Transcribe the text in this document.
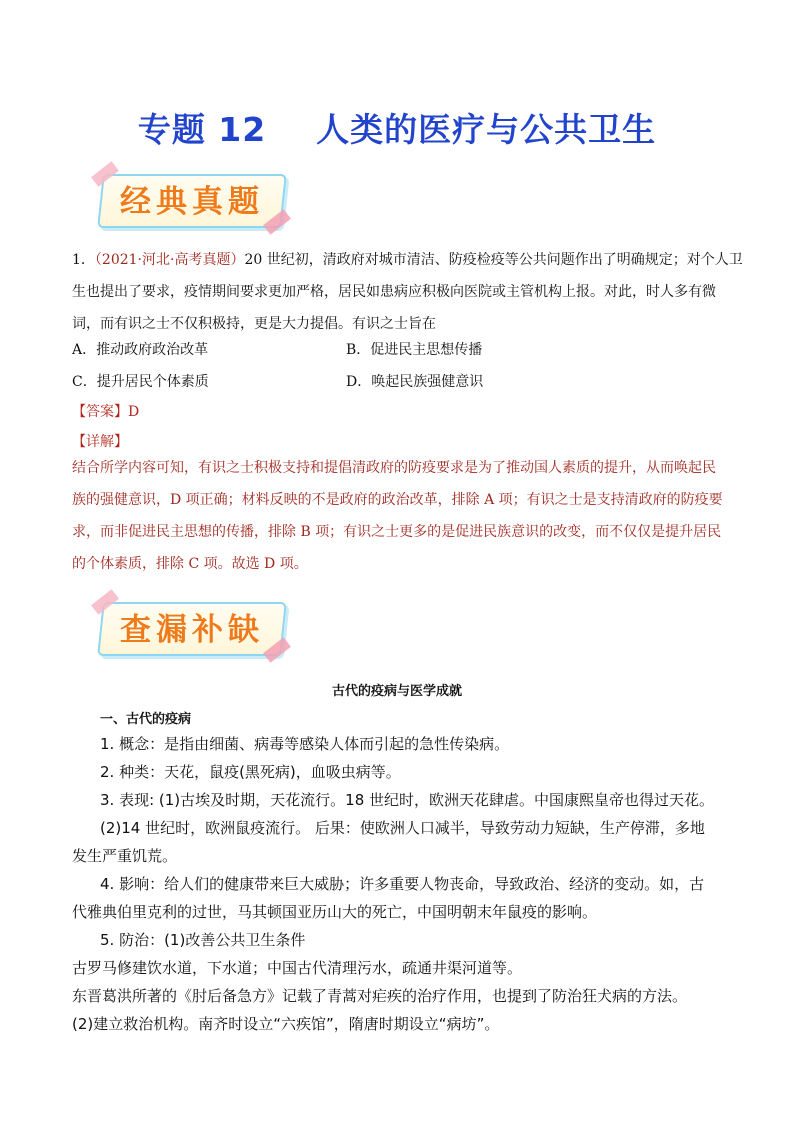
专题 12    人类的医疗与公共卫生
经典真题
1．（2021·河北·高考真题）20 世纪初，清政府对城市清洁、防疫检疫等公共问题作出了明确规定；对个人卫
生也提出了要求，疫情期间要求更加严格，居民如患病应积极向医院或主管机构上报。对此，时人多有微
词，而有识之士不仅积极持，更是大力提倡。有识之士旨在
A．推动政府政治改革	B．促进民主思想传播
C．提升居民个体素质	D．唤起民族强健意识
【答案】D
【详解】
结合所学内容可知，有识之士积极支持和提倡清政府的防疫要求是为了推动国人素质的提升，从而唤起民
族的强健意识，D 项正确；材料反映的不是政府的政治改革，排除 A 项；有识之士是支持清政府的防疫要
求，而非促进民主思想的传播，排除 B 项；有识之士更多的是促进民族意识的改变，而不仅仅是提升居民
的个体素质，排除 C 项。故选 D 项。
查漏补缺
古代的疫病与医学成就
一、古代的疫病
1. 概念：是指由细菌、病毒等感染人体而引起的急性传染病。
2. 种类：天花，鼠疫(黑死病)，血吸虫病等。
3. 表现: (1)古埃及时期，天花流行。18 世纪时，欧洲天花肆虐。中国康熙皇帝也得过天花。
(2)14 世纪时，欧洲鼠疫流行。 后果：使欧洲人口减半，导致劳动力短缺，生产停滞，多地
发生严重饥荒。
4. 影响：给人们的健康带来巨大威胁；许多重要人物丧命，导致政治、经济的变动。如，古
代雅典伯里克利的过世，马其顿国亚历山大的死亡，中国明朝末年鼠疫的影响。
5. 防治：(1)改善公共卫生条件
古罗马修建饮水道，下水道；中国古代清理污水，疏通井渠河道等。
东晋葛洪所著的《肘后备急方》记载了青蒿对疟疾的治疗作用，也提到了防治狂犬病的方法。
(2)建立救治机构。南齐时设立“六疾馆”，隋唐时期设立“病坊”。
